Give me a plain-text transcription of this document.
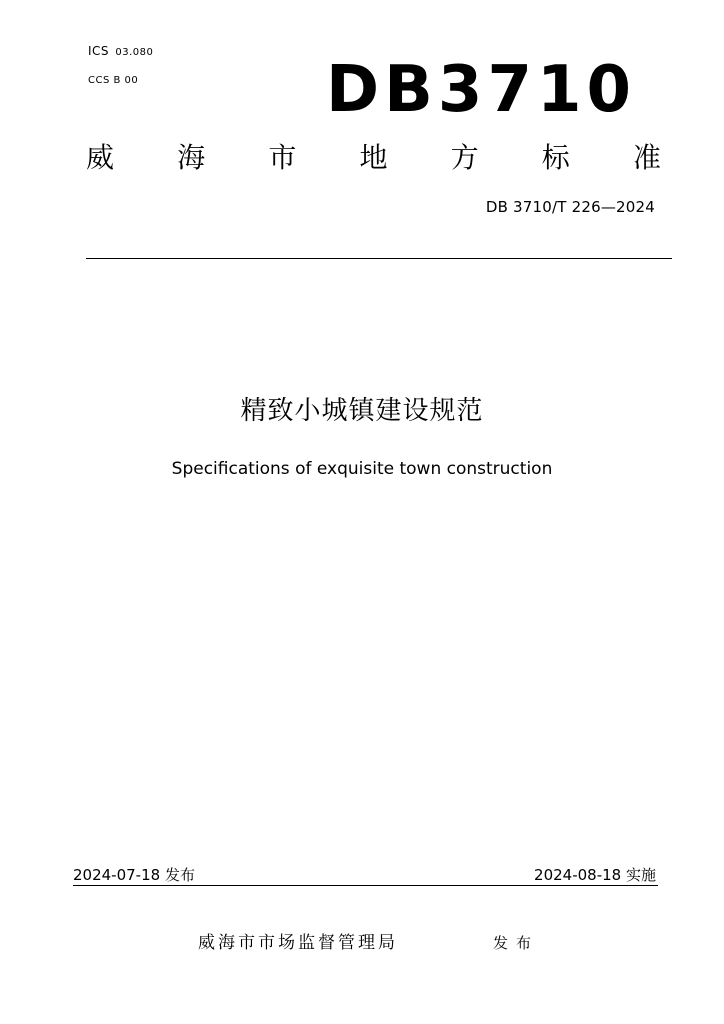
ICS 03.080
CCS B 00	DB3710
威 海 市 地 方 标 准
DB 3710/T 226—2024
精致小城镇建设规范
Specifications of exquisite town construction
2024-07-18 发布	2024-08-18 实施
威海市市场监督管理局	发布
